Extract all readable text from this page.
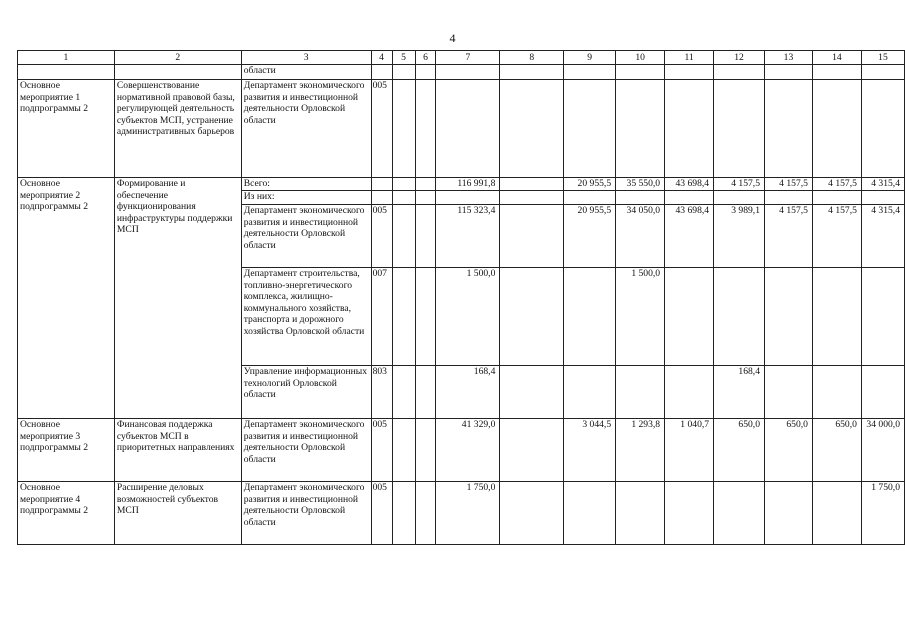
4
1	2	3	4	5	6	7	8	9	10	11	12	13	14	15
		области												
Основное мероприятие 1 подпрограммы 2	Совершенствование нормативной правовой базы, регулирующей деятельность субъектов МСП, устранение административных барьеров	Департамент экономического развития и инвестиционной деятельности Орловской области	005											
Основное мероприятие 2 подпрограммы 2	Формирование и обеспечение функционирования инфраструктуры поддержки МСП	Всего:				116 991,8		20 955,5	35 550,0	43 698,4	4 157,5	4 157,5	4 157,5	4 315,4
		Из них:												
		Департамент экономического развития и инвестиционной деятельности Орловской области	005			115 323,4		20 955,5	34 050,0	43 698,4	3 989,1	4 157,5	4 157,5	4 315,4
		Департамент строительства, топливно-энергетического комплекса, жилищно-коммунального хозяйства, транспорта и дорожного хозяйства Орловской области	007			1 500,0			1 500,0					
		Управление информационных технологий Орловской области	803			168,4					168,4			
Основное мероприятие 3 подпрограммы 2	Финансовая поддержка субъектов МСП в приоритетных направлениях	Департамент экономического развития и инвестиционной деятельности Орловской области	005			41 329,0		3 044,5	1 293,8	1 040,7	650,0	650,0	650,0	34 000,0
Основное мероприятие 4 подпрограммы 2	Расширение деловых возможностей субъектов МСП	Департамент экономического развития и инвестиционной деятельности Орловской области	005			1 750,0								1 750,0
